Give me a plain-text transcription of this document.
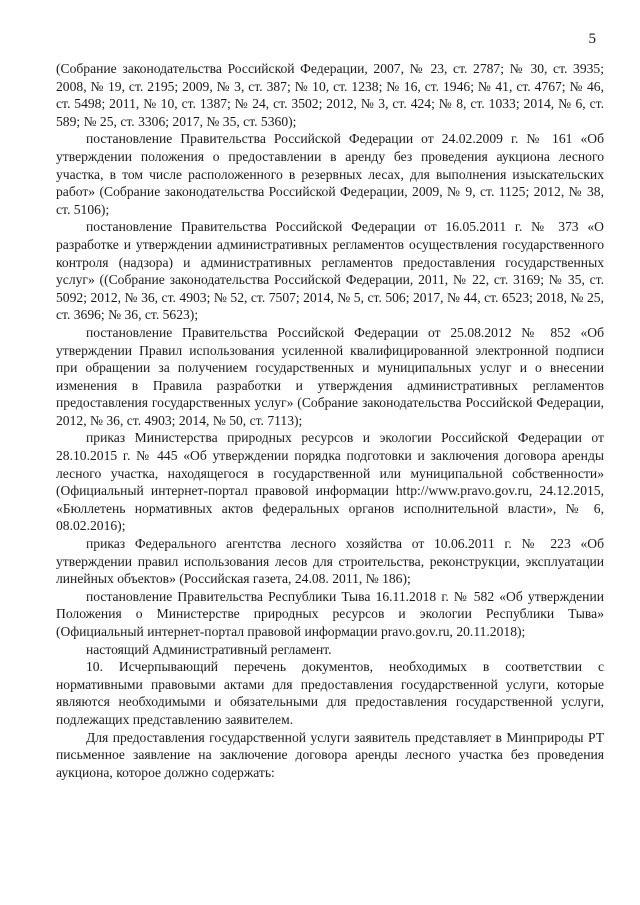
5

(Собрание законодательства Российской Федерации, 2007, № 23, ст. 2787; № 30, ст. 3935; 2008, № 19, ст. 2195; 2009, № 3, ст. 387; № 10, ст. 1238; № 16, ст. 1946; № 41, ст. 4767; № 46, ст. 5498; 2011, № 10, ст. 1387; № 24, ст. 3502; 2012, № 3, ст. 424; № 8, ст. 1033; 2014, № 6, ст. 589; № 25, ст. 3306; 2017, № 35, ст. 5360);

постановление Правительства Российской Федерации от 24.02.2009 г. № 161 «Об утверждении положения о предоставлении в аренду без проведения аукциона лесного участка, в том числе расположенного в резервных лесах, для выполнения изыскательских работ» (Собрание законодательства Российской Федерации, 2009, № 9, ст. 1125; 2012, № 38, ст. 5106);

постановление Правительства Российской Федерации от 16.05.2011 г. № 373 «О разработке и утверждении административных регламентов осуществления государственного контроля (надзора) и административных регламентов предоставления государственных услуг» ((Собрание законодательства Российской Федерации, 2011, № 22, ст. 3169; № 35, ст. 5092; 2012, № 36, ст. 4903; № 52, ст. 7507; 2014, № 5, ст. 506; 2017, № 44, ст. 6523; 2018, № 25, ст. 3696; № 36, ст. 5623);

постановление Правительства Российской Федерации от 25.08.2012 № 852 «Об утверждении Правил использования усиленной квалифицированной электронной подписи при обращении за получением государственных и муниципальных услуг и о внесении изменения в Правила разработки и утверждения административных регламентов предоставления государственных услуг» (Собрание законодательства Российской Федерации, 2012, № 36, ст. 4903; 2014, № 50, ст. 7113);

приказ Министерства природных ресурсов и экологии Российской Федерации от 28.10.2015 г. № 445 «Об утверждении порядка подготовки и заключения договора аренды лесного участка, находящегося в государственной или муниципальной собственности» (Официальный интернет-портал правовой информации http://www.pravo.gov.ru, 24.12.2015, «Бюллетень нормативных актов федеральных органов исполнительной власти», № 6, 08.02.2016);

приказ Федерального агентства лесного хозяйства от 10.06.2011 г. № 223 «Об утверждении правил использования лесов для строительства, реконструкции, эксплуатации линейных объектов» (Российская газета, 24.08. 2011, № 186);

постановление Правительства Республики Тыва 16.11.2018 г. № 582 «Об утверждении Положения о Министерстве природных ресурсов и экологии Республики Тыва» (Официальный интернет-портал правовой информации pravo.gov.ru, 20.11.2018);

настоящий Административный регламент.

10. Исчерпывающий перечень документов, необходимых в соответствии с нормативными правовыми актами для предоставления государственной услуги, которые являются необходимыми и обязательными для предоставления государственной услуги, подлежащих представлению заявителем.

Для предоставления государственной услуги заявитель представляет в Минприроды РТ письменное заявление на заключение договора аренды лесного участка без проведения аукциона, которое должно содержать:
